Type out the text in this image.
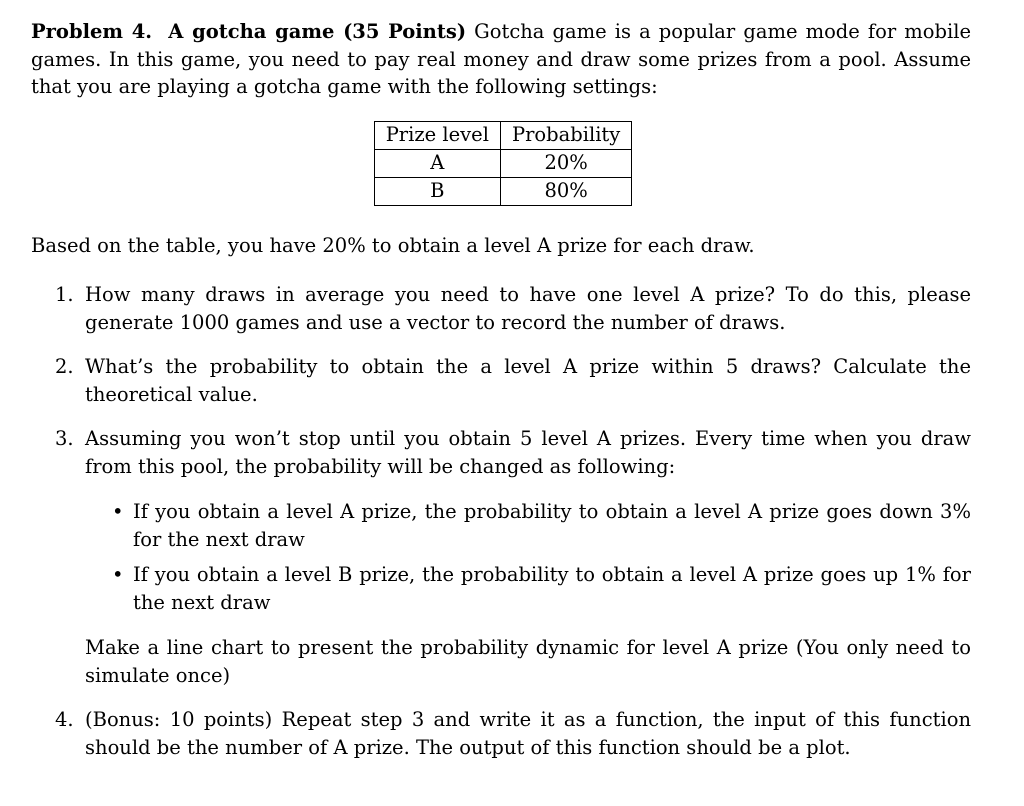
Problem 4. A gotcha game (35 Points) Gotcha game is a popular game mode for mobile games. In this game, you need to pay real money and draw some prizes from a pool. Assume that you are playing a gotcha game with the following settings:

Prize level	Probability
A	20%
B	80%

Based on the table, you have 20% to obtain a level A prize for each draw.

1. How many draws in average you need to have one level A prize? To do this, please generate 1000 games and use a vector to record the number of draws.
2. What’s the probability to obtain the a level A prize within 5 draws? Calculate the theoretical value.
3. Assuming you won’t stop until you obtain 5 level A prizes. Every time when you draw from this pool, the probability will be changed as following:
• If you obtain a level A prize, the probability to obtain a level A prize goes down 3% for the next draw
• If you obtain a level B prize, the probability to obtain a level A prize goes up 1% for the next draw

Make a line chart to present the probability dynamic for level A prize (You only need to simulate once)

4. (Bonus: 10 points) Repeat step 3 and write it as a function, the input of this function should be the number of A prize. The output of this function should be a plot.
